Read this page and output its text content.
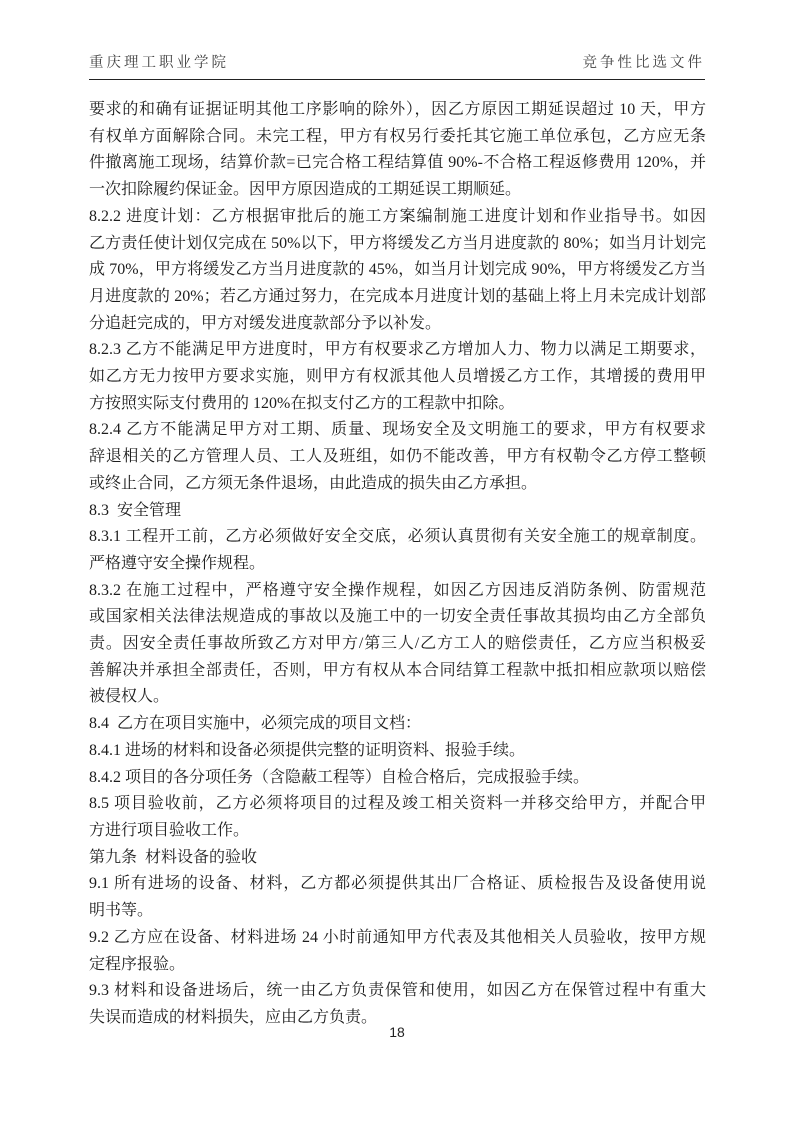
重庆理工职业学院	竞争性比选文件
要求的和确有证据证明其他工序影响的除外），因乙方原因工期延误超过 10 天，甲方
有权单方面解除合同。未完工程，甲方有权另行委托其它施工单位承包，乙方应无条
件撤离施工现场，结算价款=已完合格工程结算值 90%-不合格工程返修费用 120%，并
一次扣除履约保证金。因甲方原因造成的工期延误工期顺延。
8.2.2 进度计划：乙方根据审批后的施工方案编制施工进度计划和作业指导书。如因
乙方责任使计划仅完成在 50%以下，甲方将缓发乙方当月进度款的 80%；如当月计划完
成 70%，甲方将缓发乙方当月进度款的 45%，如当月计划完成 90%，甲方将缓发乙方当
月进度款的 20%；若乙方通过努力，在完成本月进度计划的基础上将上月未完成计划部
分追赶完成的，甲方对缓发进度款部分予以补发。
8.2.3 乙方不能满足甲方进度时，甲方有权要求乙方增加人力、物力以满足工期要求，
如乙方无力按甲方要求实施，则甲方有权派其他人员增援乙方工作，其增援的费用甲
方按照实际支付费用的 120%在拟支付乙方的工程款中扣除。
8.2.4 乙方不能满足甲方对工期、质量、现场安全及文明施工的要求，甲方有权要求
辞退相关的乙方管理人员、工人及班组，如仍不能改善，甲方有权勒令乙方停工整顿
或终止合同，乙方须无条件退场，由此造成的损失由乙方承担。
8.3  安全管理
8.3.1 工程开工前，乙方必须做好安全交底，必须认真贯彻有关安全施工的规章制度。
严格遵守安全操作规程。
8.3.2 在施工过程中，严格遵守安全操作规程，如因乙方因违反消防条例、防雷规范
或国家相关法律法规造成的事故以及施工中的一切安全责任事故其损均由乙方全部负
责。因安全责任事故所致乙方对甲方/第三人/乙方工人的赔偿责任，乙方应当积极妥
善解决并承担全部责任，否则，甲方有权从本合同结算工程款中抵扣相应款项以赔偿
被侵权人。
8.4  乙方在项目实施中，必须完成的项目文档：
8.4.1 进场的材料和设备必须提供完整的证明资料、报验手续。
8.4.2 项目的各分项任务（含隐蔽工程等）自检合格后，完成报验手续。
8.5 项目验收前，乙方必须将项目的过程及竣工相关资料一并移交给甲方，并配合甲
方进行项目验收工作。
第九条  材料设备的验收
9.1 所有进场的设备、材料，乙方都必须提供其出厂合格证、质检报告及设备使用说
明书等。
9.2 乙方应在设备、材料进场 24 小时前通知甲方代表及其他相关人员验收，按甲方规
定程序报验。
9.3 材料和设备进场后，统一由乙方负责保管和使用，如因乙方在保管过程中有重大
失误而造成的材料损失，应由乙方负责。
18
